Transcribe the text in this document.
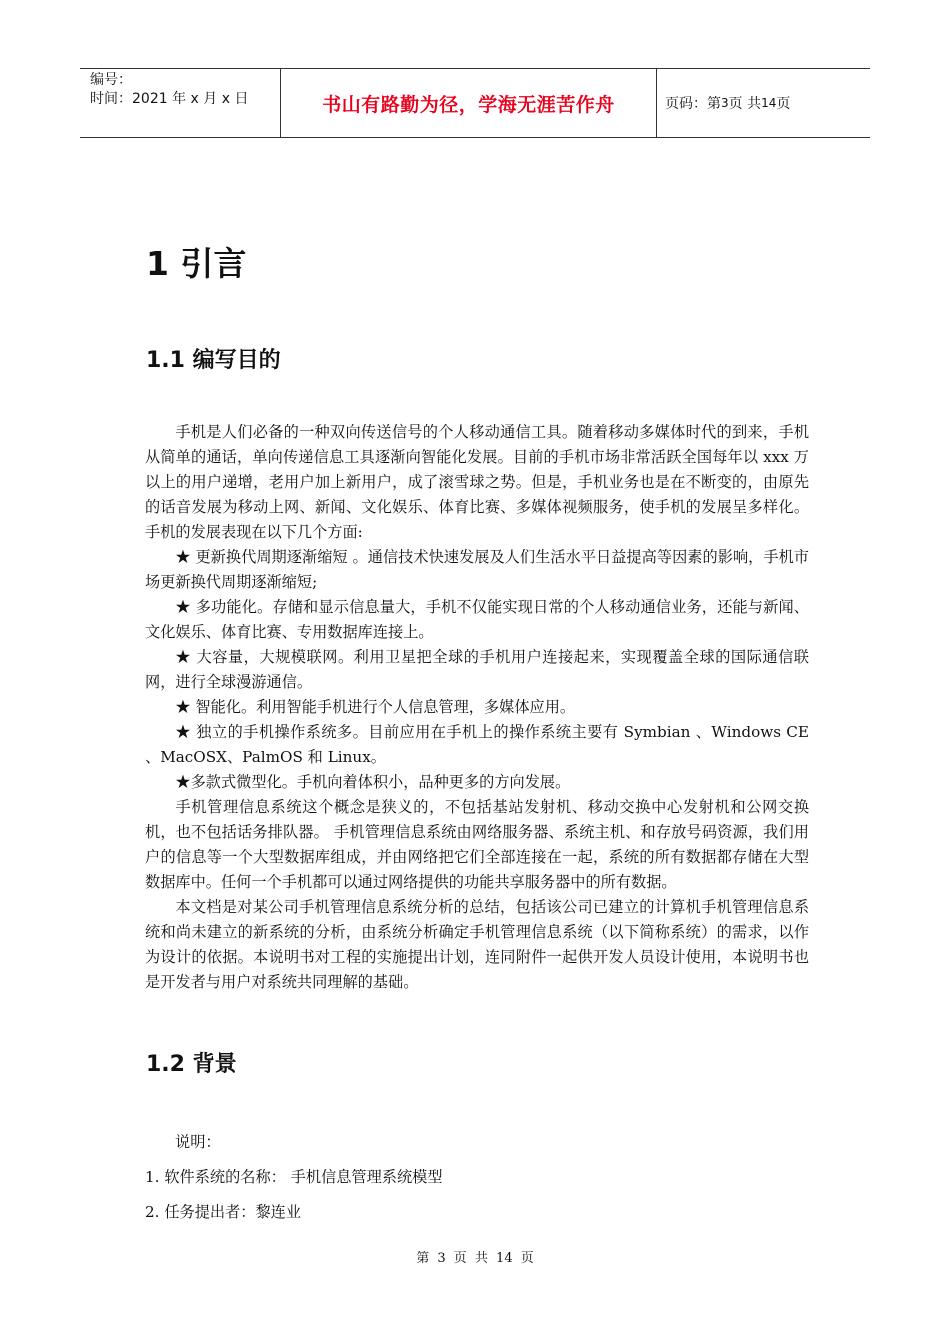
编号：
时间：2021 年 x 月 x 日	书山有路勤为径，学海无涯苦作舟	页码：第 3 页 共 14 页
1 引言
1.1 编写目的

手机是人们必备的一种双向传送信号的个人移动通信工具。随着移动多媒体时代的到来，手机从简单的通话，单向传递信息工具逐渐向智能化发展。目前的手机市场非常活跃全国每年以 xxx 万以上的用户递增，老用户加上新用户，成了滚雪球之势。但是，手机业务也是在不断变的，由原先的话音发展为移动上网、新闻、文化娱乐、体育比赛、多媒体视频服务，使手机的发展呈多样化。手机的发展表现在以下几个方面:

★ 更新换代周期逐渐缩短 。通信技术快速发展及人们生活水平日益提高等因素的影响，手机市场更新换代周期逐渐缩短;

★ 多功能化。存储和显示信息量大，手机不仅能实现日常的个人移动通信业务，还能与新闻、文化娱乐、体育比赛、专用数据库连接上。

★ 大容量，大规模联网。利用卫星把全球的手机用户连接起来，实现覆盖全球的国际通信联网，进行全球漫游通信。

★ 智能化。利用智能手机进行个人信息管理，多媒体应用。

★ 独立的手机操作系统多。目前应用在手机上的操作系统主要有 Symbian 、Windows CE 、MacOSX、PalmOS 和 Linux。

★多款式微型化。手机向着体积小，品种更多的方向发展。

手机管理信息系统这个概念是狭义的，不包括基站发射机、移动交换中心发射机和公网交换机，也不包括话务排队器。 手机管理信息系统由网络服务器、系统主机、和存放号码资源，我们用户的信息等一个大型数据库组成，并由网络把它们全部连接在一起，系统的所有数据都存储在大型数据库中。任何一个手机都可以通过网络提供的功能共享服务器中的所有数据。

本文档是对某公司手机管理信息系统分析的总结，包括该公司已建立的计算机手机管理信息系统和尚未建立的新系统的分析，由系统分析确定手机管理信息系统（以下简称系统）的需求，以作为设计的依据。本说明书对工程的实施提出计划，连同附件一起供开发人员设计使用，本说明书也是开发者与用户对系统共同理解的基础。

1.2 背景
说明：
1. 软件系统的名称： 手机信息管理系统模型
2. 任务提出者：黎连业
第 3 页 共 14 页
